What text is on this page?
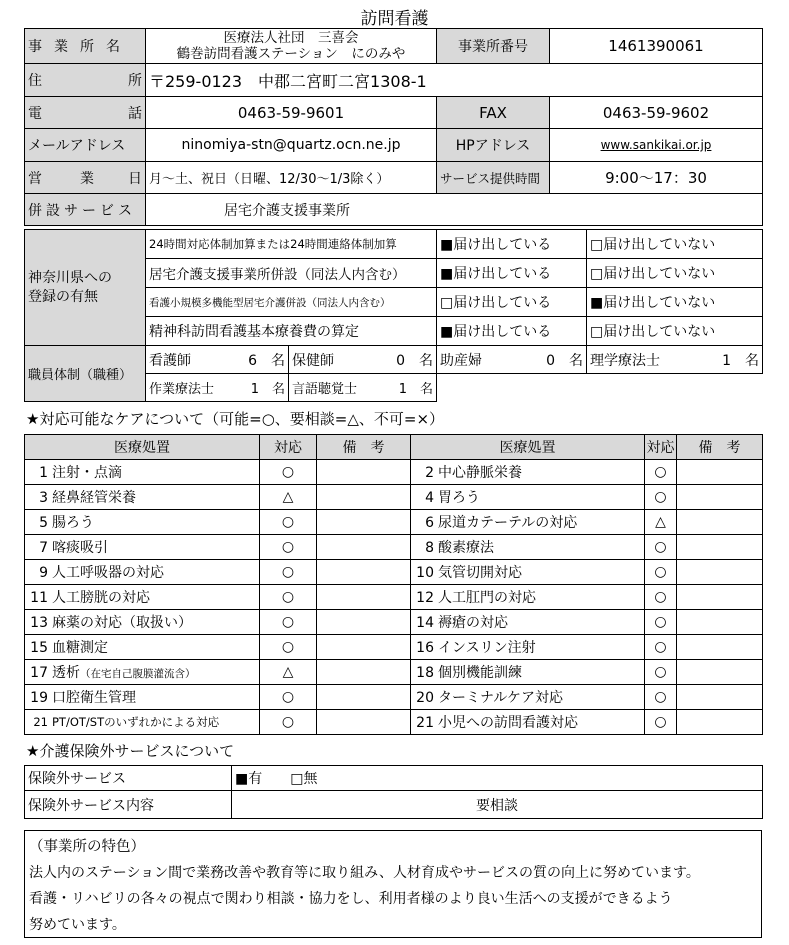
訪問看護
事業所名	医療法人社団　三喜会
鶴巻訪問看護ステーション　にのみや	事業所番号	1461390061

住 所	〒259-0123　中郡二宮町二宮1308-1		

電 話	0463-59-9601	FAX	0463-59-9602
メールアドレス	ninomiya-stn@quartz.ocn.ne.jp	HPアドレス	www.sankikai.or.jp

営 業日	月〜土、祝日（日曜、12/30〜1/3除く）	サービス提供時間	9:00〜17：30
併設サービス	居宅介護支援事業所		
神奈川県への
登録の有無	24時間対応体制加算または24時間連絡体制加算	■届け出している	□届け出していない
	居宅介護支援事業所併設（同法人内含む）	■届け出している	□届け出していない
	看護小規模多機能型居宅介護併設（同法人内含む）	□届け出している	■届け出していない
	精神科訪問看護基本療養費の算定	■届け出している	□届け出していない
職員体制（職種）	看護師 6　 名	保健師 0　 名	助産婦 0　 名	理学療法士 1　 名

	作業療法士 1　 名	言語聴覚士 1　 名		

★対応可能なケアについて（可能=○、要相談=△、不可=×）
医療処置	対応	備　考	医療処置	対応	備　考
1 注射・点滴	○		2 中心静脈栄養	○	
3 経鼻経管栄養	△		4 胃ろう	○	
5 腸ろう	○		6 尿道カテーテルの対応	△	
7 喀痰吸引	○		8 酸素療法	○	
9 人工呼吸器の対応	○		10 気管切開対応	○	
11 人工膀胱の対応	○		12 人工肛門の対応	○	
13 麻薬の対応（取扱い）	○		14 褥瘡の対応	○	
15 血糖測定	○		16 インスリン注射	○	
17 透析（在宅自己腹膜灌流含）	△		18 個別機能訓練	○	
19 口腔衛生管理	○		20 ターミナルケア対応	○	
21 PT/OT/STのいずれかによる対応	○		21 小児への訪問看護対応	○	
★介護保険外サービスについて
保険外サービス	■有　　 □無
保険外サービス内容	要相談
（事業所の特色）
法人内のステーション間で業務改善や教育等に取り組み、人材育成やサービスの質の向上に努めています。
看護・リハビリの各々の視点で関わり相談・協力をし、利用者様のより良い生活への支援ができるよう
努めています。
